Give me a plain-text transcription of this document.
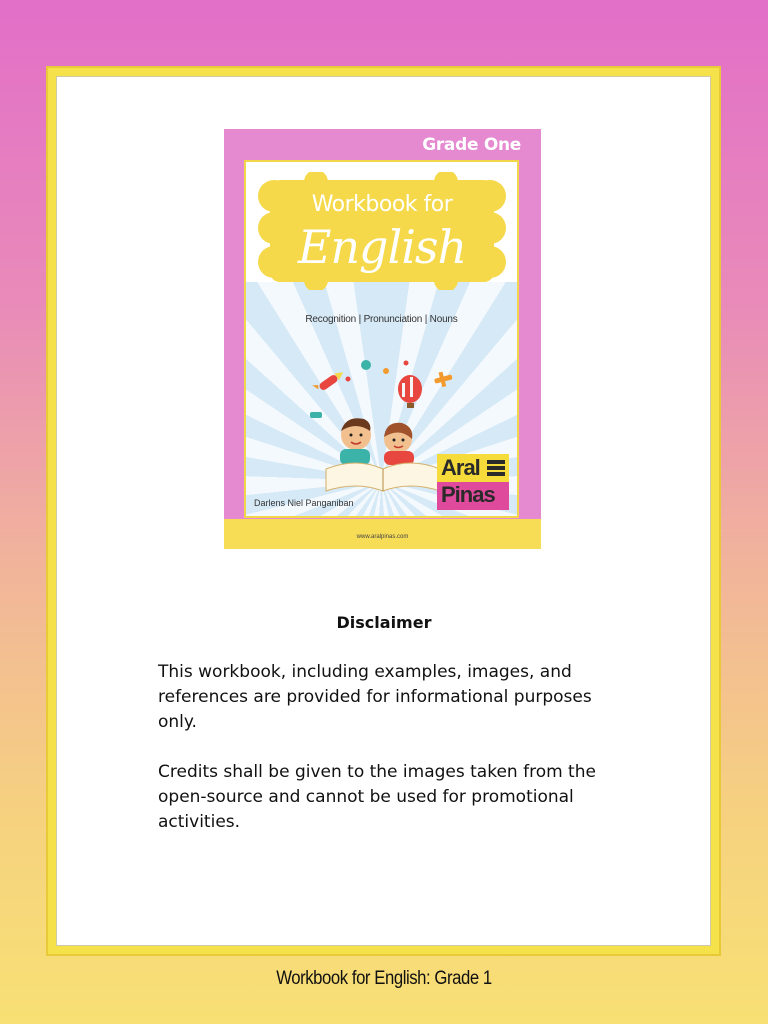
Grade One
Workbook for
English
Recognition | Pronunciation | Nouns
Darlens Niel Panganiban
Aral
Pinas
www.aralpinas.com
Disclaimer
This workbook, including examples, images, and references are provided for informational purposes only.
Credits shall be given to the images taken from the open-source and cannot be used for promotional activities.
Workbook for English: Grade 1
